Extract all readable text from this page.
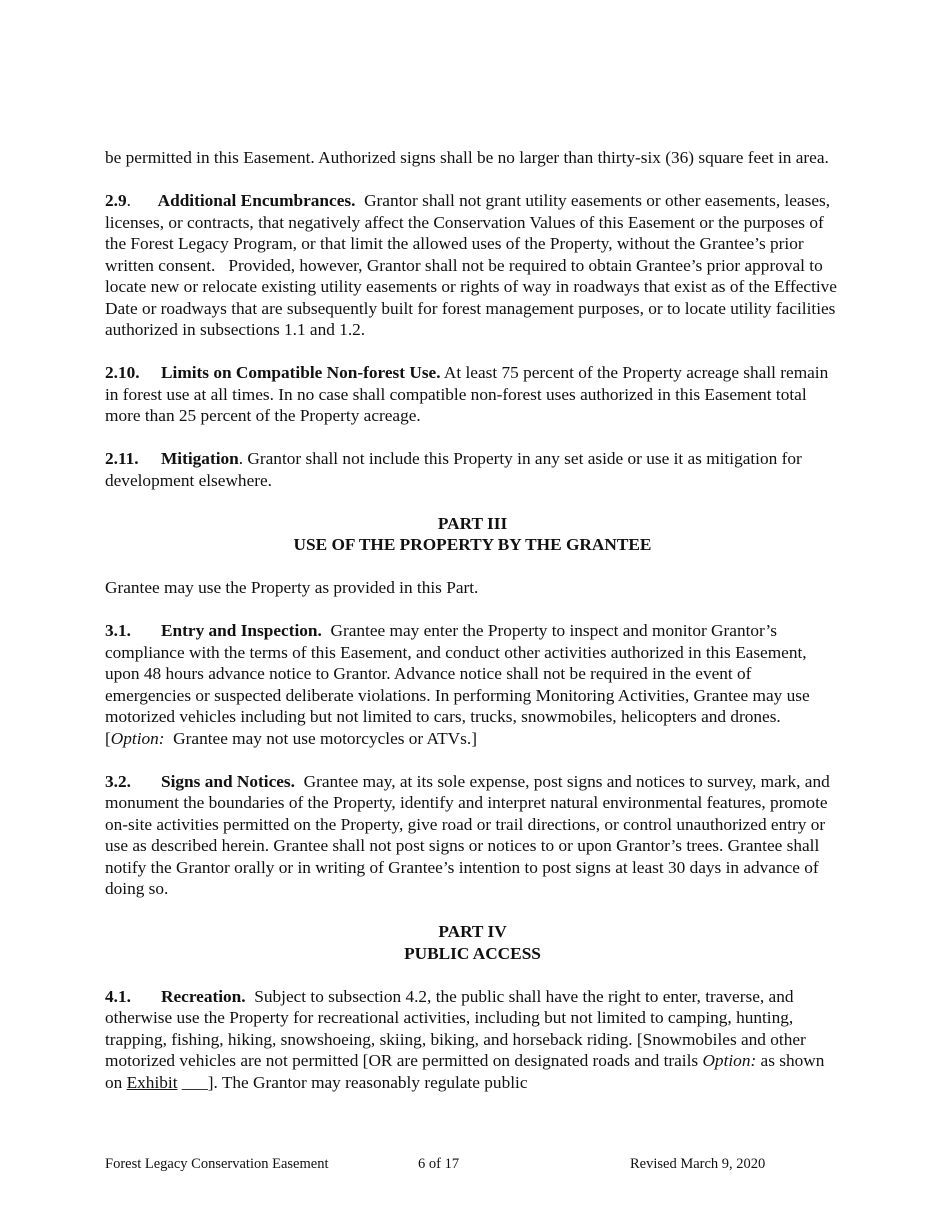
be permitted in this Easement. Authorized signs shall be no larger than thirty-six (36) square feet in area.

2.9. Additional Encumbrances.  Grantor shall not grant utility easements or other easements, leases, licenses, or contracts, that negatively affect the Conservation Values of this Easement or the purposes of the Forest Legacy Program, or that limit the allowed uses of the Property, without the Grantee’s prior written consent.   Provided, however, Grantor shall not be required to obtain Grantee’s prior approval to locate new or relocate existing utility easements or rights of way in roadways that exist as of the Effective Date or roadways that are subsequently built for forest management purposes, or to locate utility facilities authorized in subsections 1.1 and 1.2.

2.10. Limits on Compatible Non-forest Use. At least 75 percent of the Property acreage shall remain in forest use at all times. In no case shall compatible non-forest uses authorized in this Easement total more than 25 percent of the Property acreage.

2.11. Mitigation. Grantor shall not include this Property in any set aside or use it as mitigation for development elsewhere.

PART III
USE OF THE PROPERTY BY THE GRANTEE

Grantee may use the Property as provided in this Part.

3.1. Entry and Inspection.  Grantee may enter the Property to inspect and monitor Grantor’s compliance with the terms of this Easement, and conduct other activities authorized in this Easement, upon 48 hours advance notice to Grantor. Advance notice shall not be required in the event of emergencies or suspected deliberate violations. In performing Monitoring Activities, Grantee may use motorized vehicles including but not limited to cars, trucks, snowmobiles, helicopters and drones. [Option:  Grantee may not use motorcycles or ATVs.]

3.2. Signs and Notices.  Grantee may, at its sole expense, post signs and notices to survey, mark, and monument the boundaries of the Property, identify and interpret natural environmental features, promote on-site activities permitted on the Property, give road or trail directions, or control unauthorized entry or use as described herein. Grantee shall not post signs or notices to or upon Grantor’s trees. Grantee shall notify the Grantor orally or in writing of Grantee’s intention to post signs at least 30 days in advance of doing so.

PART IV
PUBLIC ACCESS

4.1. Recreation.  Subject to subsection 4.2, the public shall have the right to enter, traverse, and otherwise use the Property for recreational activities, including but not limited to camping, hunting, trapping, fishing, hiking, snowshoeing, skiing, biking, and horseback riding. [Snowmobiles and other motorized vehicles are not permitted [OR are permitted on designated roads and trails Option: as shown on Exhibit ___]. The Grantor may reasonably regulate public

Forest Legacy Conservation Easement	6 of 17	Revised March 9, 2020
